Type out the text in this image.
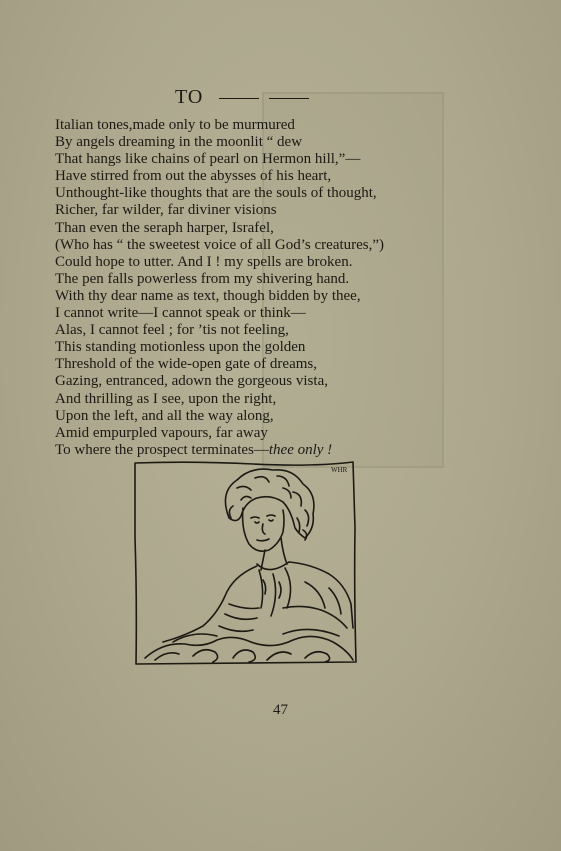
TO
Italian tones,made only to be murmured
By angels dreaming in the moonlit “ dew
That hangs like chains of pearl on Hermon hill,”—
Have stirred from out the abysses of his heart,
Unthought-like thoughts that are the souls of thought,
Richer, far wilder, far diviner visions
Than even the seraph harper, Israfel,
(Who has “ the sweetest voice of all God’s creatures,”)
Could hope to utter. And I ! my spells are broken.
The pen falls powerless from my shivering hand.
With thy dear name as text, though bidden by thee,
I cannot write—I cannot speak or think—
Alas, I cannot feel ; for ’tis not feeling,
This standing motionless upon the golden
Threshold of the wide-open gate of dreams,
Gazing, entranced, adown the gorgeous vista,
And thrilling as I see, upon the right,
Upon the left, and all the way along,
Amid empurpled vapours, far away
To where the prospect terminates—thee only !
WHR
47
